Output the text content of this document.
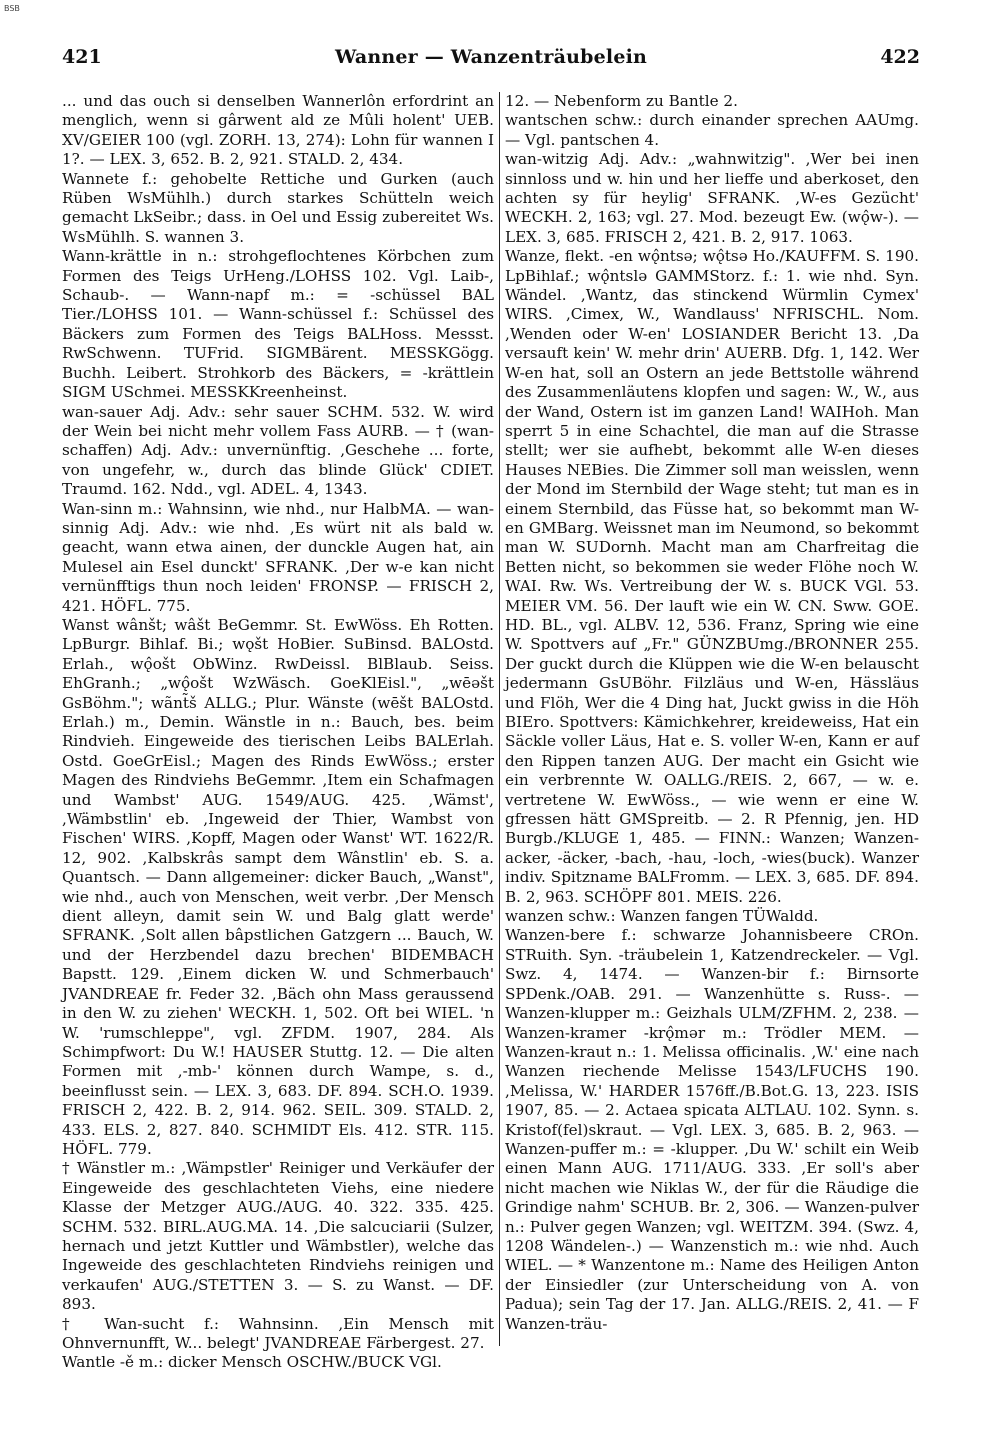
BSB
421	Wanner — Wanzenträubelein	422

... und das ouch si denselben Wannerlôn erfordrint an menglich, wenn si gârwent ald ze Mûli holent' UEB. XV/GEIER 100 (vgl. ZORH. 13, 274): Lohn für wannen I 1?. — LEX. 3, 652. B. 2, 921. STALD. 2, 434.

Wannete f.: gehobelte Rettiche und Gurken (auch Rüben WsMühlh.) durch starkes Schütteln weich gemacht LkSeibr.; dass. in Oel und Essig zubereitet Ws. WsMühlh. S. wannen 3.

Wann-krättle in n.: strohgeflochtenes Körbchen zum Formen des Teigs UrHeng./LOHSS 102. Vgl. Laib-, Schaub-. — Wann-napf m.: = -schüssel BAL Tier./LOHSS 101. — Wann-schüssel f.: Schüssel des Bäckers zum Formen des Teigs BALHoss. Messst. RwSchwenn. TUFrid. SIGMBärent. MESSKGögg. Buchh. Leibert. Strohkorb des Bäckers, = -krättlein SIGM USchmei. MESSKKreenheinst.

wan-sauer Adj. Adv.: sehr sauer SCHM. 532. W. wird der Wein bei nicht mehr vollem Fass AURB. — † (wan-schaffen) Adj. Adv.: unvernünftig. ,Geschehe ... forte, von ungefehr, w., durch das blinde Glück' CDIET. Traumd. 162. Ndd., vgl. ADEL. 4, 1343.

Wan-sinn m.: Wahnsinn, wie nhd., nur HalbMA. — wan-sinnig Adj. Adv.: wie nhd. ,Es würt nit als bald w. geacht, wann etwa ainen, der dunckle Augen hat, ain Mulesel ain Esel dunckt' SFRANK. ,Der w-e kan nicht vernünfftigs thun noch leiden' FRONSP. — FRISCH 2, 421. HÖFL. 775.

Wanst wânšt; wâšt BeGemmr. St. EwWöss. Eh Rotten. LpBurgr. Bihlaf. Bi.; wǫšt HoBier. SuBinsd. BALOstd. Erlah., wǫ̂ošt ObWinz. RwDeissl. BlBlaub. Seiss. EhGranh.; „wǫ̂ošt WzWäsch. GoeKlEisl.", „wēǝšt GsBöhm."; wãnt̃š ALLG.; Plur. Wänste (wēšt BALOstd. Erlah.) m., Demin. Wänstle in n.: Bauch, bes. beim Rindvieh. Eingeweide des tierischen Leibs BALErlah. Ostd. GoeGrEisl.; Magen des Rinds EwWöss.; erster Magen des Rindviehs BeGemmr. ,Item ein Schafmagen und Wambst' AUG. 1549/AUG. 425. ,Wämst', ,Wämbstlin' eb. ,Ingeweid der Thier, Wambst von Fischen' WIRS. ,Kopff, Magen oder Wanst' WT. 1622/R. 12, 902. ,Kalbskrâs sampt dem Wânstlin' eb. S. a. Quantsch. — Dann allgemeiner: dicker Bauch, „Wanst", wie nhd., auch von Menschen, weit verbr. ,Der Mensch dient alleyn, damit sein W. und Balg glatt werde' SFRANK. ,Solt allen bâpstlichen Gatzgern ... Bauch, W. und der Herzbendel dazu brechen' BIDEMBACH Bapstt. 129. ,Einem dicken W. und Schmerbauch' JVANDREAE fr. Feder 32. ,Bäch ohn Mass geraussend in den W. zu ziehen' WECKH. 1, 502. Oft bei WIEL. 'n W. 'rumschleppe", vgl. ZFDM. 1907, 284. Als Schimpfwort: Du W.! HAUSER Stuttg. 12. — Die alten Formen mit ,-mb-' können durch Wampe, s. d., beeinflusst sein. — LEX. 3, 683. DF. 894. SCH.O. 1939. FRISCH 2, 422. B. 2, 914. 962. SEIL. 309. STALD. 2, 433. ELS. 2, 827. 840. SCHMIDT Els. 412. STR. 115. HÖFL. 779.

† Wänstler m.: ,Wämpstler' Reiniger und Verkäufer der Eingeweide des geschlachteten Viehs, eine niedere Klasse der Metzger AUG./AUG. 40. 322. 335. 425. SCHM. 532. BIRL.AUG.MA. 14. ,Die salcuciarii (Sulzer, hernach und jetzt Kuttler und Wämbstler), welche das Ingeweide des geschlachteten Rindviehs reinigen und verkaufen' AUG./STETTEN 3. — S. zu Wanst. — DF. 893.

† Wan-sucht f.: Wahnsinn. ,Ein Mensch mit Ohnvernunfft, W... belegt' JVANDREAE Färbergest. 27.

Wantle -ě m.: dicker Mensch OSCHW./BUCK VGl.

12. — Nebenform zu Bantle 2.

wantschen schw.: durch einander sprechen AAUmg. — Vgl. pantschen 4.

wan-witzig Adj. Adv.: „wahnwitzig". ,Wer bei inen sinnloss und w. hin und her lieffe und aberkoset, den achten sy für heylig' SFRANK. ,W-es Gezücht' WECKH. 2, 163; vgl. 27. Mod. bezeugt Ew. (wǫ̂w-). — LEX. 3, 685. FRISCH 2, 421. B. 2, 917. 1063.

Wanze, flekt. -en wǫ̂ntsǝ; wǫ̂tsǝ Ho./KAUFFM. S. 190. LpBihlaf.; wǫ̂ntslǝ GAMMStorz. f.: 1. wie nhd. Syn. Wändel. ,Wantz, das stinckend Würmlin Cymex' WIRS. ,Cimex, W., Wandlauss' NFRISCHL. Nom. ,Wenden oder W-en' LOSIANDER Bericht 13. ,Da versauft kein' W. mehr drin' AUERB. Dfg. 1, 142. Wer W-en hat, soll an Ostern an jede Bettstolle während des Zusammenläutens klopfen und sagen: W., W., aus der Wand, Ostern ist im ganzen Land! WAIHoh. Man sperrt 5 in eine Schachtel, die man auf die Strasse stellt; wer sie aufhebt, bekommt alle W-en dieses Hauses NEBies. Die Zimmer soll man weisslen, wenn der Mond im Sternbild der Wage steht; tut man es in einem Sternbild, das Füsse hat, so bekommt man W-en GMBarg. Weissnet man im Neumond, so bekommt man W. SUDornh. Macht man am Charfreitag die Betten nicht, so bekommen sie weder Flöhe noch W. WAI. Rw. Ws. Vertreibung der W. s. BUCK VGl. 53. MEIER VM. 56. Der lauft wie ein W. CN. Sww. GOE. HD. BL., vgl. ALBV. 12, 536. Franz, Spring wie eine W. Spottvers auf „Fr." GÜNZBUmg./BRONNER 255. Der guckt durch die Klüppen wie die W-en belauscht jedermann GsUBöhr. Filzläus und W-en, Hässläus und Flöh, Wer die 4 Ding hat, Juckt gwiss in die Höh BIEro. Spottvers: Kämichkehrer, kreideweiss, Hat ein Säckle voller Läus, Hat e. S. voller W-en, Kann er auf den Rippen tanzen AUG. Der macht ein Gsicht wie ein verbrennte W. OALLG./REIS. 2, 667, — w. e. vertretene W. EwWöss., — wie wenn er eine W. gfressen hätt GMSpreitb. — 2. R Pfennig, jen. HD Burgb./KLUGE 1, 485. — FINN.: Wanzen; Wanzen-acker, -äcker, -bach, -hau, -loch, -wies(buck). Wanzer indiv. Spitzname BALFromm. — LEX. 3, 685. DF. 894. B. 2, 963. SCHÖPF 801. MEIS. 226.

wanzen schw.: Wanzen fangen TÜWaldd.

Wanzen-bere f.: schwarze Johannisbeere CROn. STRuith. Syn. -träubelein 1, Katzendreckeler. — Vgl. Swz. 4, 1474. — Wanzen-bir f.: Birnsorte SPDenk./OAB. 291. — Wanzenhütte s. Russ-. — Wanzen-klupper m.: Geizhals ULM/ZFHM. 2, 238. — Wanzen-kramer -krǫ̂mǝr m.: Trödler MEM. — Wanzen-kraut n.: 1. Melissa officinalis. ,W.' eine nach Wanzen riechende Melisse 1543/LFUCHS 190. ,Melissa, W.' HARDER 1576ff./B.Bot.G. 13, 223. ISIS 1907, 85. — 2. Actaea spicata ALTLAU. 102. Synn. s. Kristof(fel)skraut. — Vgl. LEX. 3, 685. B. 2, 963. — Wanzen-puffer m.: = -klupper. ,Du W.' schilt ein Weib einen Mann AUG. 1711/AUG. 333. ,Er soll's aber nicht machen wie Niklas W., der für die Räudige die Grindige nahm' SCHUB. Br. 2, 306. — Wanzen-pulver n.: Pulver gegen Wanzen; vgl. WEITZM. 394. (Swz. 4, 1208 Wändelen-.) — Wanzenstich m.: wie nhd. Auch WIEL. — * Wanzentone m.: Name des Heiligen Anton der Einsiedler (zur Unterscheidung von A. von Padua); sein Tag der 17. Jan. ALLG./REIS. 2, 41. — F Wanzen-träu-
